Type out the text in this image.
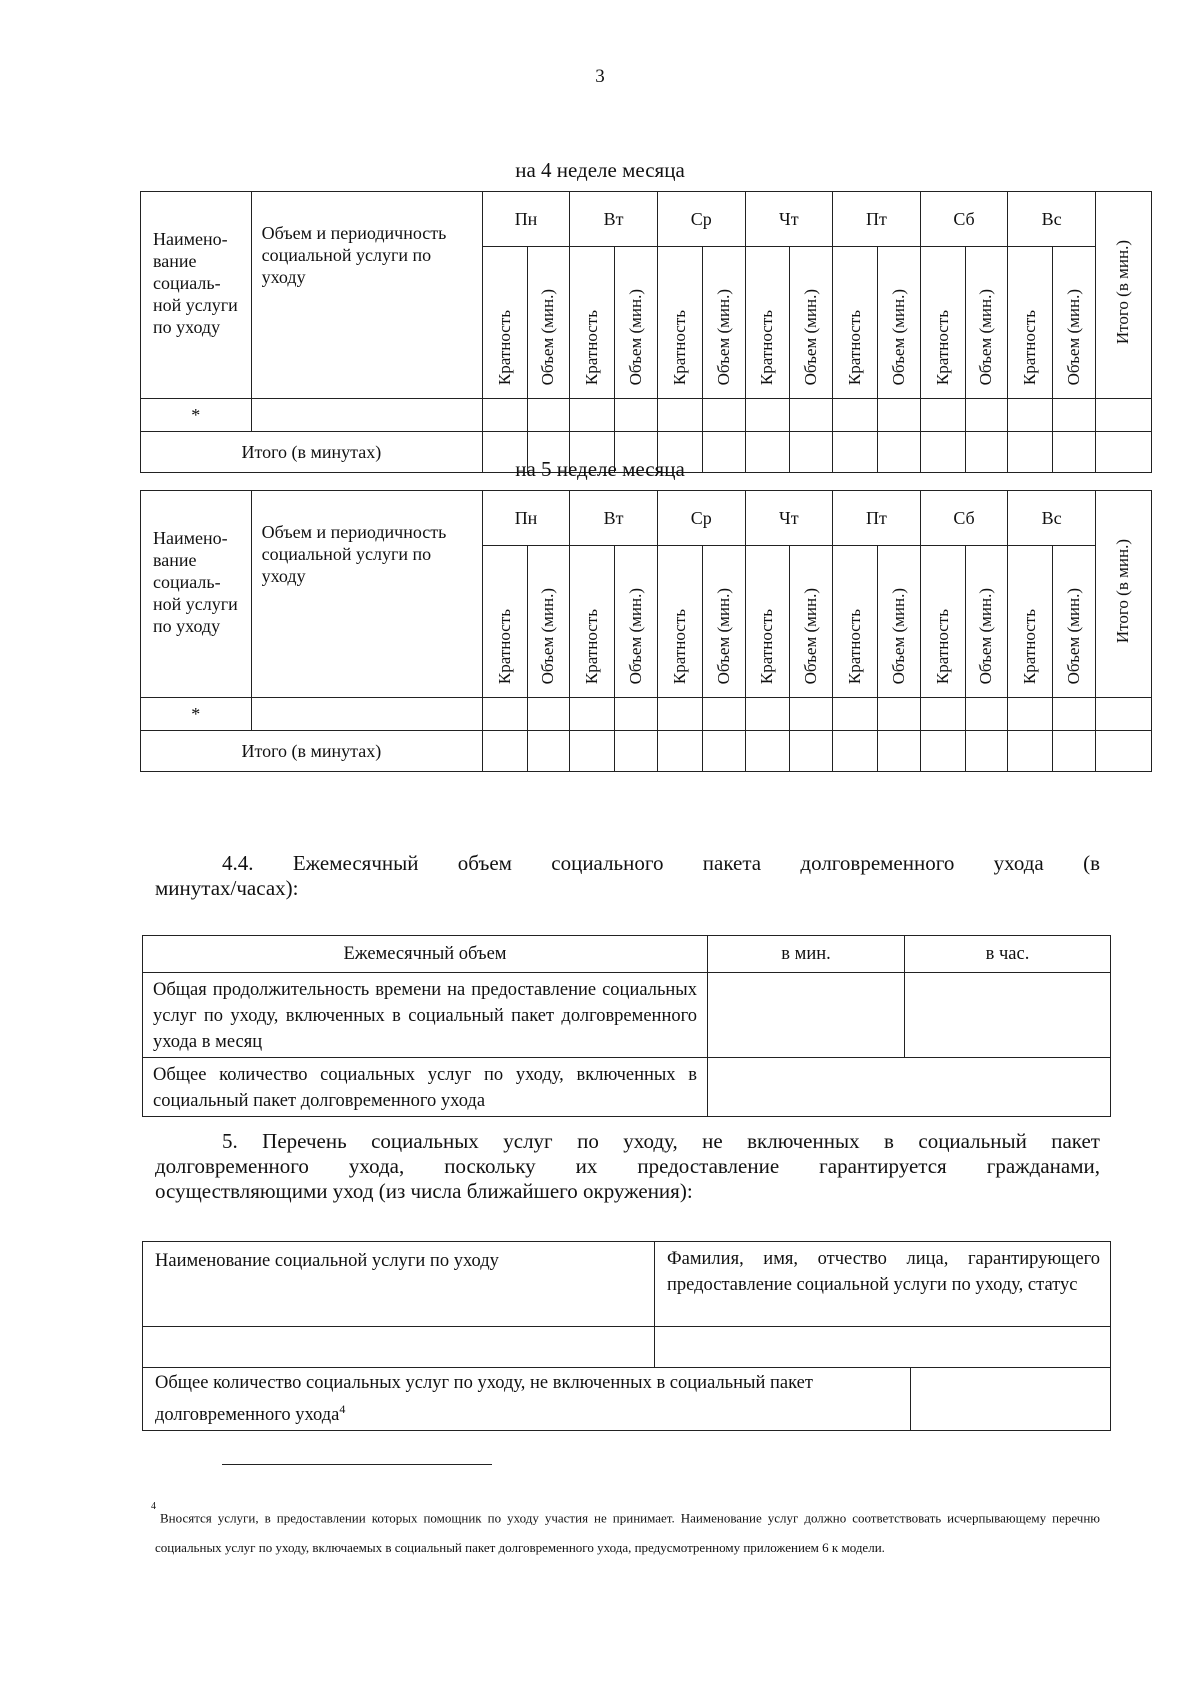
3
на 4 неделе месяца
Наимено-вание социаль-ной услуги по уходу	Объем и периодичность социальной услуги по уходу	Пн		Вт		Ср		Чт		Пт		Сб		Вс		Итого (в мин.)
		Кратность	Объем (мин.)	Кратность	Объем (мин.)	Кратность	Объем (мин.)	Кратность	Объем (мин.)	Кратность	Объем (мин.)	Кратность	Объем (мин.)	Кратность	Объем (мин.)	
*																
Итого (в минутах)																
на 5 неделе месяца
Наимено-вание социаль-ной услуги по уходу	Объем и периодичность социальной услуги по уходу	Пн		Вт		Ср		Чт		Пт		Сб		Вс		Итого (в мин.)
		Кратность	Объем (мин.)	Кратность	Объем (мин.)	Кратность	Объем (мин.)	Кратность	Объем (мин.)	Кратность	Объем (мин.)	Кратность	Объем (мин.)	Кратность	Объем (мин.)	
*																
Итого (в минутах)																
4.4. Ежемесячный объем социального пакета долговременного ухода (в
минутах/часах):
Ежемесячный объем	в мин.	в час.
Общая продолжительность времени на предоставление социальных услуг по уходу, включенных в социальный пакет долговременного ухода в месяц		
Общее количество социальных услуг по уходу, включенных в социальный пакет долговременного ухода		
5. Перечень социальных услуг по уходу, не включенных в социальный пакет
долговременного ухода, поскольку их предоставление гарантируется гражданами,
осуществляющими уход (из числа ближайшего окружения):
Наименование социальной услуги по уходу	Фамилия, имя, отчество лица, гарантирующего предоставление социальной услуги по уходу, статус	

Общее количество социальных услуг по уходу, не включенных в социальный пакет долговременного ухода$^4$	
$^4$Вносятся услуги, в предоставлении которых помощник по уходу участия не принимает. Наименование услуг должно соответствовать исчерпывающему перечню социальных услуг по уходу, включаемых в социальный пакет долговременного ухода, предусмотренному приложением 6 к модели.
